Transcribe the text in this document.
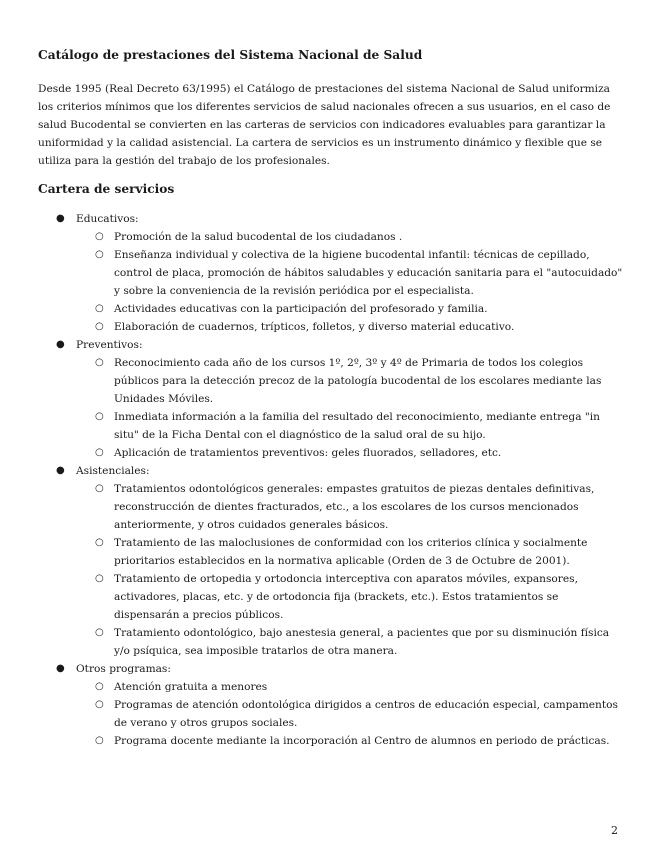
Catálogo de prestaciones del Sistema Nacional de Salud

Desde 1995 (Real Decreto 63/1995) el Catálogo de prestaciones del sistema Nacional de Salud uniformiza los criterios mínimos que los diferentes servicios de salud nacionales ofrecen a sus usuarios, en el caso de salud Bucodental se convierten en las carteras de servicios con indicadores evaluables para garantizar la uniformidad y la calidad asistencial. La cartera de servicios es un instrumento dinámico y flexible que se utiliza para la gestión del trabajo de los profesionales.

Cartera de servicios
● Educativos:
○ Promoción de la salud bucodental de los ciudadanos .
○ Enseñanza individual y colectiva de la higiene bucodental infantil: técnicas de cepillado, control de placa, promoción de hábitos saludables y educación sanitaria para el "autocuidado" y sobre la conveniencia de la revisión periódica por el especialista.
○ Actividades educativas con la participación del profesorado y familia.
○ Elaboración de cuadernos, trípticos, folletos, y diverso material educativo.
● Preventivos:
○ Reconocimiento cada año de los cursos 1º, 2º, 3º y 4º de Primaria de todos los colegios públicos para la detección precoz de la patología bucodental de los escolares mediante las Unidades Móviles.
○ Inmediata información a la familia del resultado del reconocimiento, mediante entrega "in situ" de la Ficha Dental con el diagnóstico de la salud oral de su hijo.
○ Aplicación de tratamientos preventivos: geles fluorados, selladores, etc.
● Asistenciales:
○ Tratamientos odontológicos generales: empastes gratuitos de piezas dentales definitivas, reconstrucción de dientes fracturados, etc., a los escolares de los cursos mencionados anteriormente, y otros cuidados generales básicos.
○ Tratamiento de las maloclusiones de conformidad con los criterios clínica y socialmente prioritarios establecidos en la normativa aplicable (Orden de 3 de Octubre de 2001).
○ Tratamiento de ortopedia y ortodoncia interceptiva con aparatos móviles, expansores, activadores, placas, etc. y de ortodoncia fija (brackets, etc.). Estos tratamientos se dispensarán a precios públicos.
○ Tratamiento odontológico, bajo anestesia general, a pacientes que por su disminución física y/o psíquica, sea imposible tratarlos de otra manera.
● Otros programas:
○ Atención gratuita a menores
○ Programas de atención odontológica dirigidos a centros de educación especial, campamentos de verano y otros grupos sociales.
○ Programa docente mediante la incorporación al Centro de alumnos en periodo de prácticas.
2
